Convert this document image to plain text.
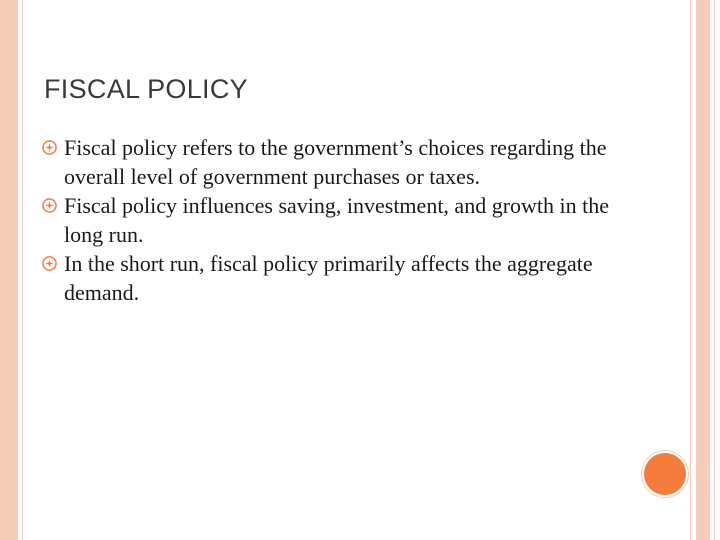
FISCAL POLICY
Fiscal policy refers to the government’s choices regarding the overall level of government purchases or taxes.
Fiscal policy influences saving, investment, and growth in the long run.
In the short run, fiscal policy primarily affects the aggregate demand.
